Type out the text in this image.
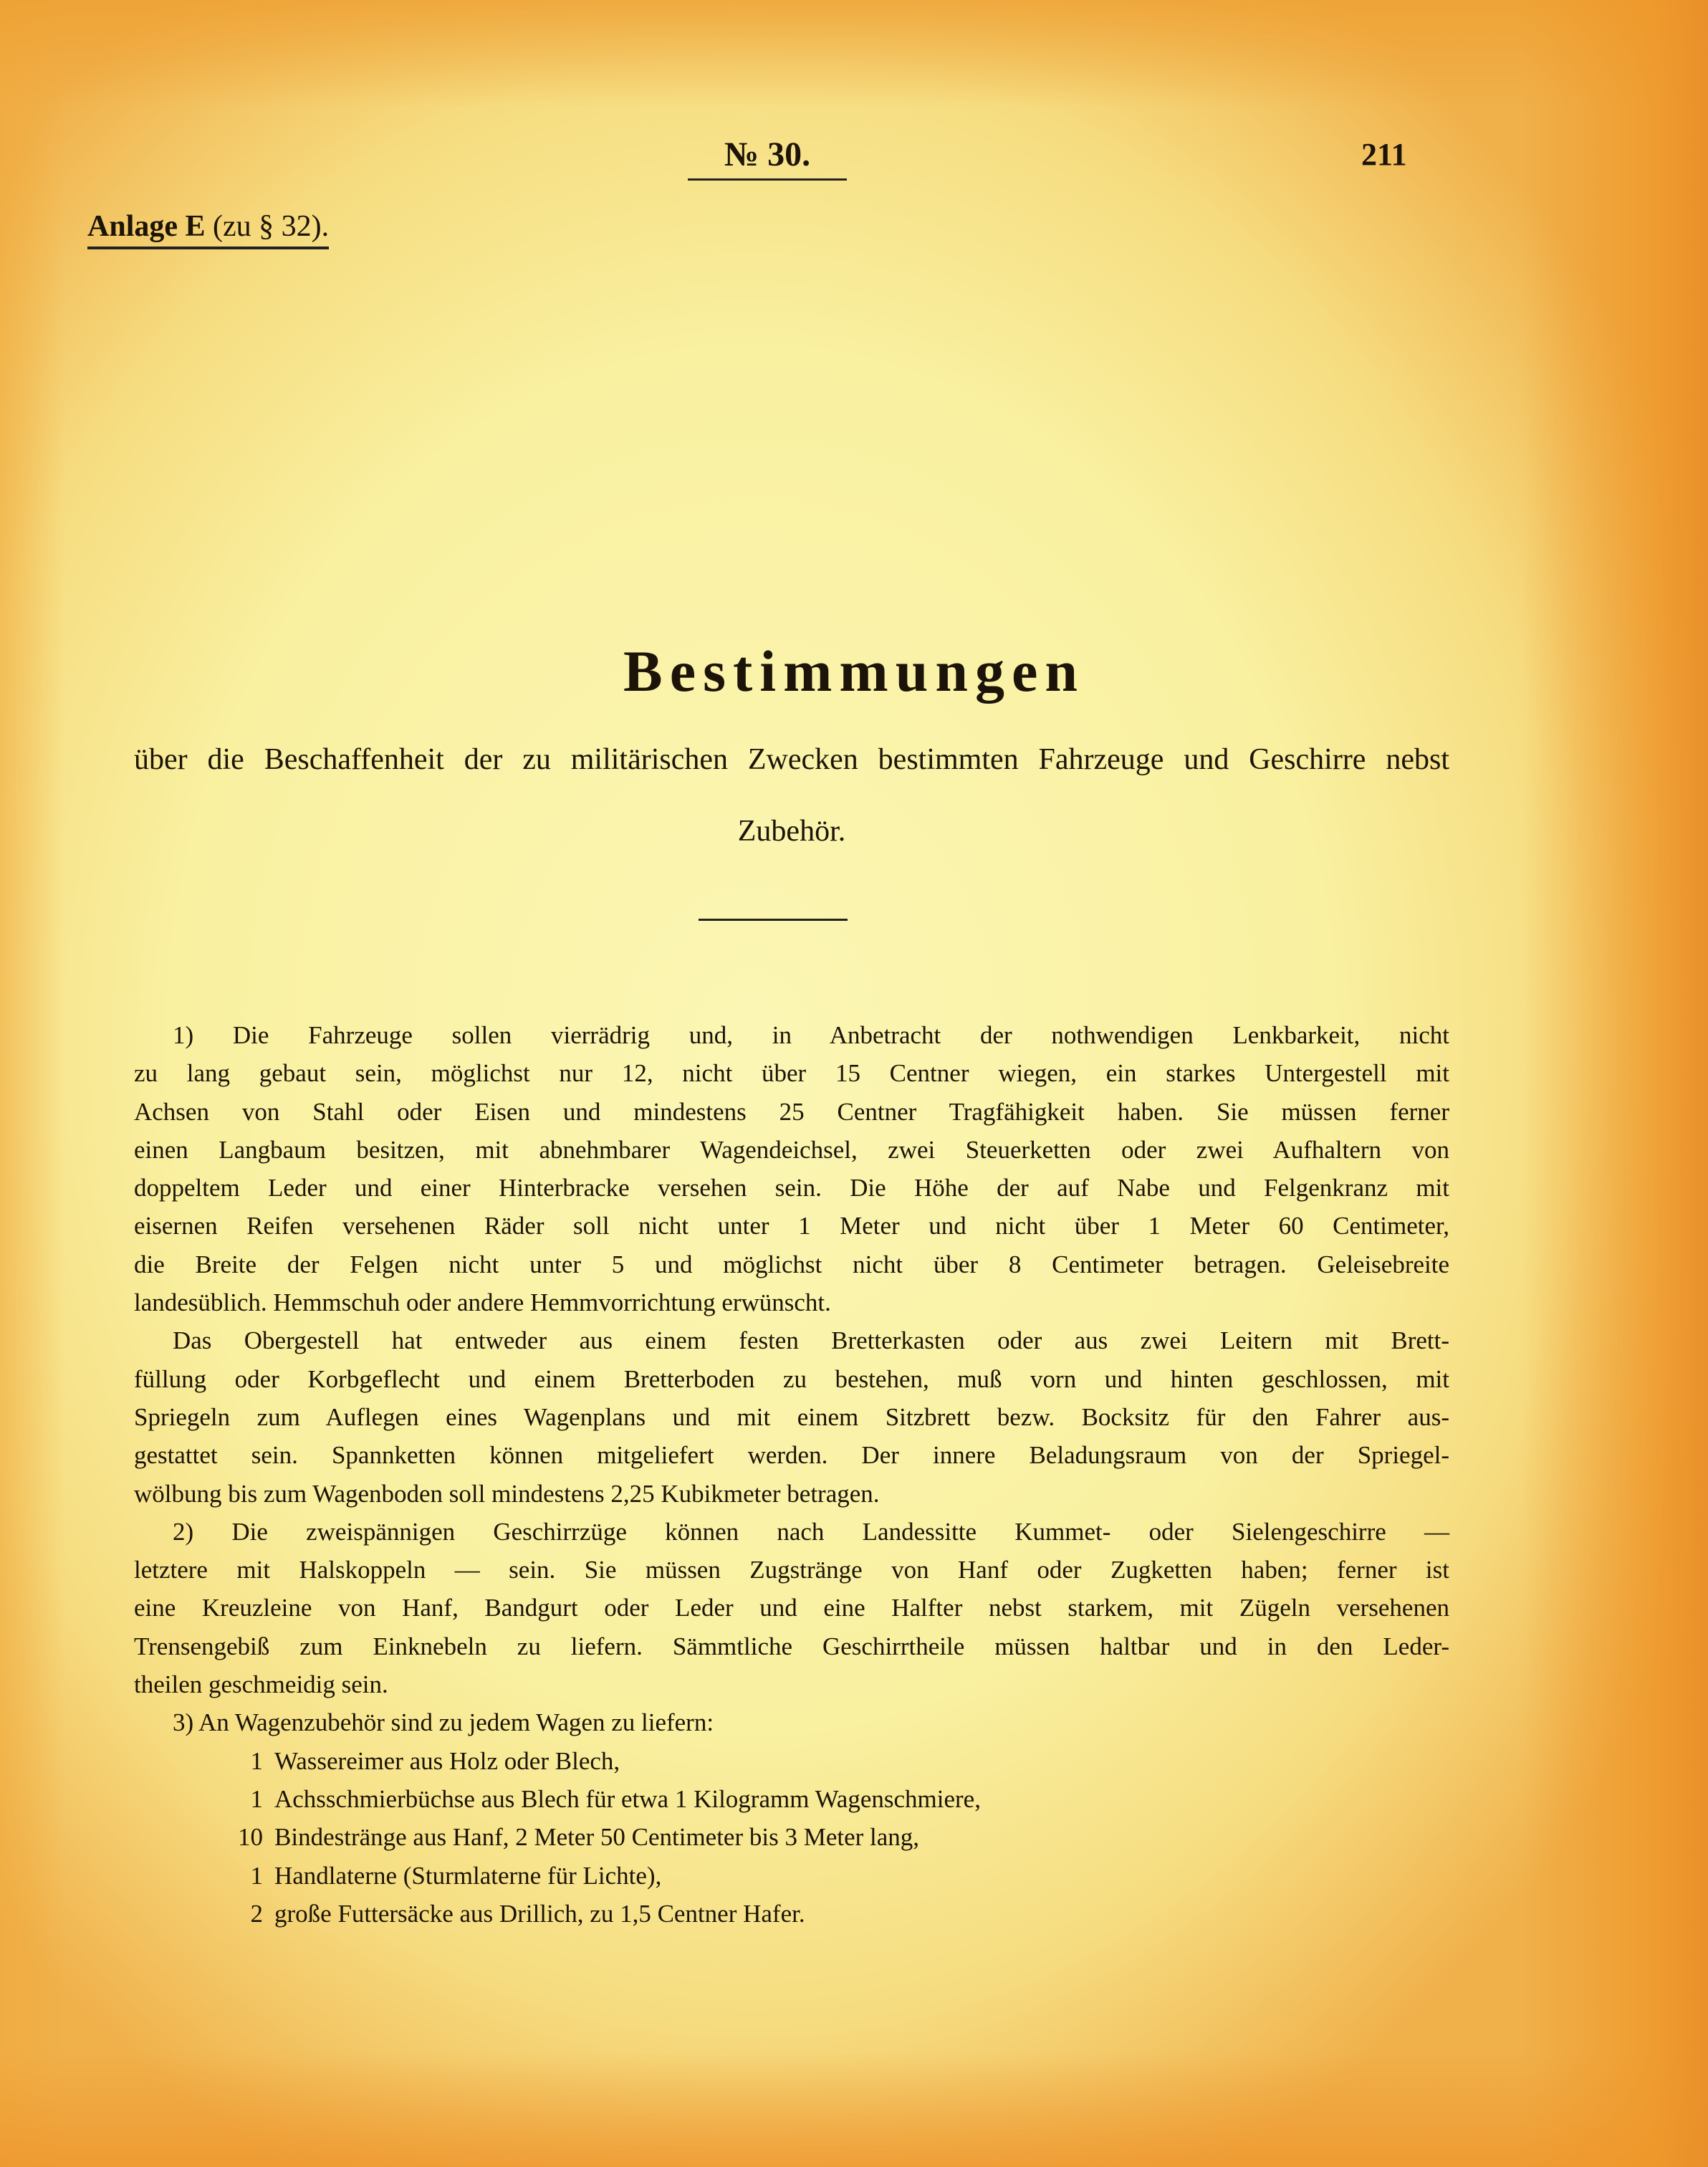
№ 30.	211
Anlage E (zu § 32).
Bestimmungen
über die Beschaffenheit der zu militärischen Zwecken bestimmten Fahrzeuge und Geschirre nebst
Zubehör.
1) Die Fahrzeuge sollen vierrädrig und, in Anbetracht der nothwendigen Lenkbarkeit, nicht
zu lang gebaut sein, möglichst nur 12, nicht über 15 Centner wiegen, ein starkes Untergestell mit
Achsen von Stahl oder Eisen und mindestens 25 Centner Tragfähigkeit haben. Sie müssen ferner
einen Langbaum besitzen, mit abnehmbarer Wagendeichsel, zwei Steuerketten oder zwei Aufhaltern von
doppeltem Leder und einer Hinterbracke versehen sein. Die Höhe der auf Nabe und Felgenkranz mit
eisernen Reifen versehenen Räder soll nicht unter 1 Meter und nicht über 1 Meter 60 Centimeter,
die Breite der Felgen nicht unter 5 und möglichst nicht über 8 Centimeter betragen. Geleisebreite
landesüblich. Hemmschuh oder andere Hemmvorrichtung erwünscht.
Das Obergestell hat entweder aus einem festen Bretterkasten oder aus zwei Leitern mit Brett-
füllung oder Korbgeflecht und einem Bretterboden zu bestehen, muß vorn und hinten geschlossen, mit
Spriegeln zum Auflegen eines Wagenplans und mit einem Sitzbrett bezw. Bocksitz für den Fahrer aus-
gestattet sein. Spannketten können mitgeliefert werden. Der innere Beladungsraum von der Spriegel-
wölbung bis zum Wagenboden soll mindestens 2,25 Kubikmeter betragen.
2) Die zweispännigen Geschirrzüge können nach Landessitte Kummet- oder Sielengeschirre —
letztere mit Halskoppeln — sein. Sie müssen Zugstränge von Hanf oder Zugketten haben; ferner ist
eine Kreuzleine von Hanf, Bandgurt oder Leder und eine Halfter nebst starkem, mit Zügeln versehenen
Trensengebiß zum Einknebeln zu liefern. Sämmtliche Geschirrtheile müssen haltbar und in den Leder-
theilen geschmeidig sein.
3) An Wagenzubehör sind zu jedem Wagen zu liefern:
1 Wassereimer aus Holz oder Blech,
1 Achsschmierbüchse aus Blech für etwa 1 Kilogramm Wagenschmiere,
10 Bindestränge aus Hanf, 2 Meter 50 Centimeter bis 3 Meter lang,
1 Handlaterne (Sturmlaterne für Lichte),
2 große Futtersäcke aus Drillich, zu 1,5 Centner Hafer.
